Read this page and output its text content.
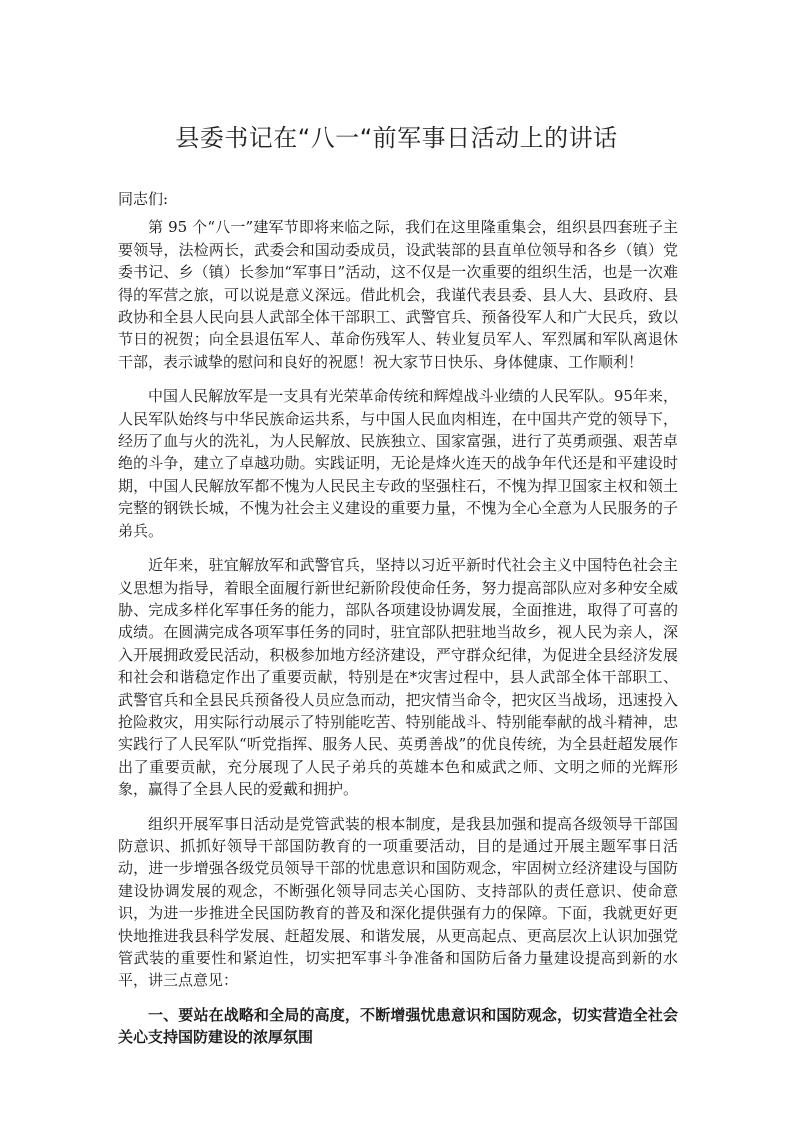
县委书记在“八一“前军事日活动上的讲话

同志们:

第 95 个“八一”建军节即将来临之际，我们在这里隆重集会，组织县四套班子主要领导，法检两长，武委会和国动委成员，设武装部的县直单位领导和各乡（镇）党委书记、乡（镇）长参加“军事日”活动，这不仅是一次重要的组织生活，也是一次难得的军营之旅，可以说是意义深远。借此机会，我谨代表县委、县人大、县政府、县政协和全县人民向县人武部全体干部职工、武警官兵、预备役军人和广大民兵，致以节日的祝贺；向全县退伍军人、革命伤残军人、转业复员军人、军烈属和军队离退休干部，表示诚挚的慰问和良好的祝愿！祝大家节日快乐、身体健康、工作顺利！

中国人民解放军是一支具有光荣革命传统和辉煌战斗业绩的人民军队。95年来，人民军队始终与中华民族命运共系，与中国人民血肉相连，在中国共产党的领导下，经历了血与火的洗礼，为人民解放、民族独立、国家富强，进行了英勇顽强、艰苦卓绝的斗争，建立了卓越功勋。实践证明，无论是烽火连天的战争年代还是和平建设时期，中国人民解放军都不愧为人民民主专政的坚强柱石，不愧为捍卫国家主权和领土完整的钢铁长城，不愧为社会主义建设的重要力量，不愧为全心全意为人民服务的子弟兵。

近年来，驻宜解放军和武警官兵，坚持以习近平新时代社会主义中国特色社会主义思想为指导，着眼全面履行新世纪新阶段使命任务，努力提高部队应对多种安全威胁、完成多样化军事任务的能力，部队各项建设协调发展，全面推进，取得了可喜的成绩。在圆满完成各项军事任务的同时，驻宜部队把驻地当故乡，视人民为亲人，深入开展拥政爱民活动，积极参加地方经济建设，严守群众纪律，为促进全县经济发展和社会和谐稳定作出了重要贡献，特别是在*灾害过程中，县人武部全体干部职工、武警官兵和全县民兵预备役人员应急而动，把灾情当命令，把灾区当战场，迅速投入抢险救灾，用实际行动展示了特别能吃苦、特别能战斗、特别能奉献的战斗精神，忠实践行了人民军队“听党指挥、服务人民、英勇善战”的优良传统，为全县赶超发展作出了重要贡献，充分展现了人民子弟兵的英雄本色和威武之师、文明之师的光辉形象，赢得了全县人民的爱戴和拥护。

组织开展军事日活动是党管武装的根本制度，是我县加强和提高各级领导干部国防意识、抓抓好领导干部国防教育的一项重要活动，目的是通过开展主题军事日活动，进一步增强各级党员领导干部的忧患意识和国防观念，牢固树立经济建设与国防建设协调发展的观念，不断强化领导同志关心国防、支持部队的责任意识、使命意识，为进一步推进全民国防教育的普及和深化提供强有力的保障。下面，我就更好更快地推进我县科学发展、赶超发展、和谐发展，从更高起点、更高层次上认识加强党管武装的重要性和紧迫性，切实把军事斗争准备和国防后备力量建设提高到新的水平，讲三点意见：

一、要站在战略和全局的高度，不断增强忧患意识和国防观念，切实营造全社会关心支持国防建设的浓厚氛围
